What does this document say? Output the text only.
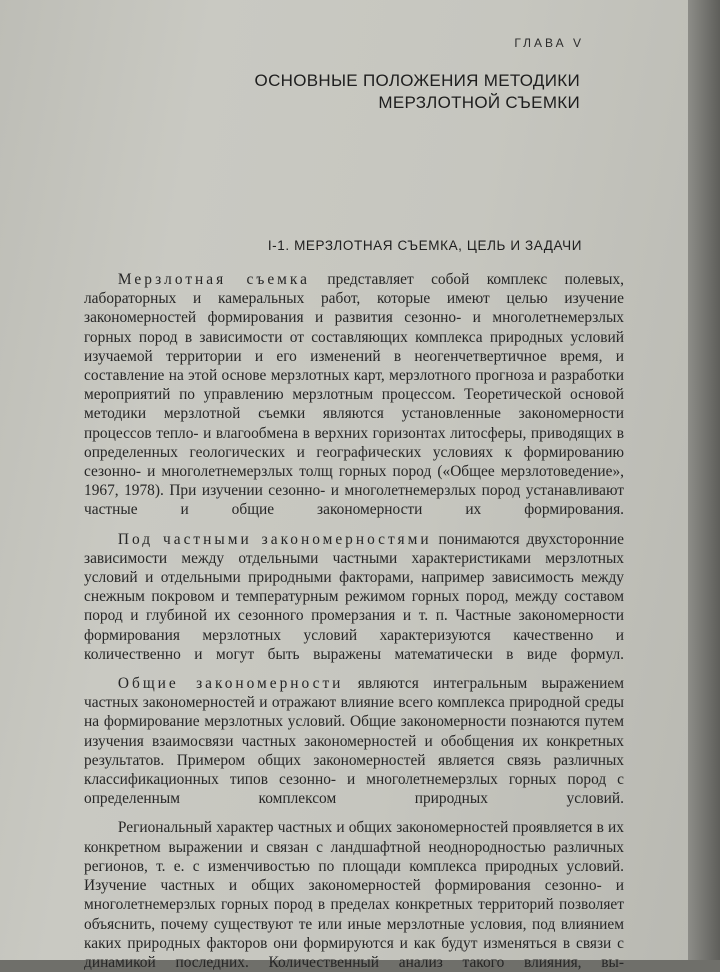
ГЛАВА V
ОСНОВНЫЕ ПОЛОЖЕНИЯ МЕТОДИКИ
МЕРЗЛОТНОЙ СЪЕМКИ
I-1. МЕРЗЛОТНАЯ СЪЕМКА, ЦЕЛЬ И ЗАДАЧИ

Мерзлотная съемка представляет собой комплекс полевых, лабораторных и камеральных работ, которые имеют целью изучение закономерностей формирования и развития сезонно- и многолетнемерзлых горных пород в зависимости от составляющих комплекса природных условий изучаемой территории и его изменений в неогенчетвертичное время, и составление на этой основе мерзлотных карт, мерзлотного прогноза и разработки мероприятий по управлению мерзлотным процессом. Теоретической основой методики мерзлотной съемки являются установленные закономерности процессов тепло- и влагообмена в верхних горизонтах литосферы, приводящих в определенных геологических и географических условиях к формированию сезонно- и многолетнемерзлых толщ горных пород («Общее мерзлотоведение», 1967, 1978). При изучении сезонно- и многолетнемерзлых пород устанавливают частные и общие закономерности их формирования.

Под частными закономерностями понимаются двухсторонние зависимости между отдельными частными характеристиками мерзлотных условий и отдельными природными факторами, например зависимость между снежным покровом и температурным режимом горных пород, между составом пород и глубиной их сезонного промерзания и т. п. Частные закономерности формирования мерзлотных условий характеризуются качественно и количественно и могут быть выражены математически в виде формул.

Общие закономерности являются интегральным выражением частных закономерностей и отражают влияние всего комплекса природной среды на формирование мерзлотных условий. Общие закономерности познаются путем изучения взаимосвязи частных закономерностей и обобщения их конкретных результатов. Примером общих закономерностей является связь различных классификационных типов сезонно- и многолетнемерзлых горных пород с определенным комплексом природных условий.

Региональный характер частных и общих закономерностей проявляется в их конкретном выражении и связан с ландшафтной неоднородностью различных регионов, т. е. с изменчивостью по площади комплекса природных условий. Изучение частных и общих закономерностей формирования сезонно- и многолетнемерзлых горных пород в пределах конкретных территорий позволяет объяснить, почему существуют те или иные мерзлотные условия, под влиянием каких природных факторов они формируются и как будут изменяться в связи с динамикой последних. Количественный анализ такого влияния, вы-
